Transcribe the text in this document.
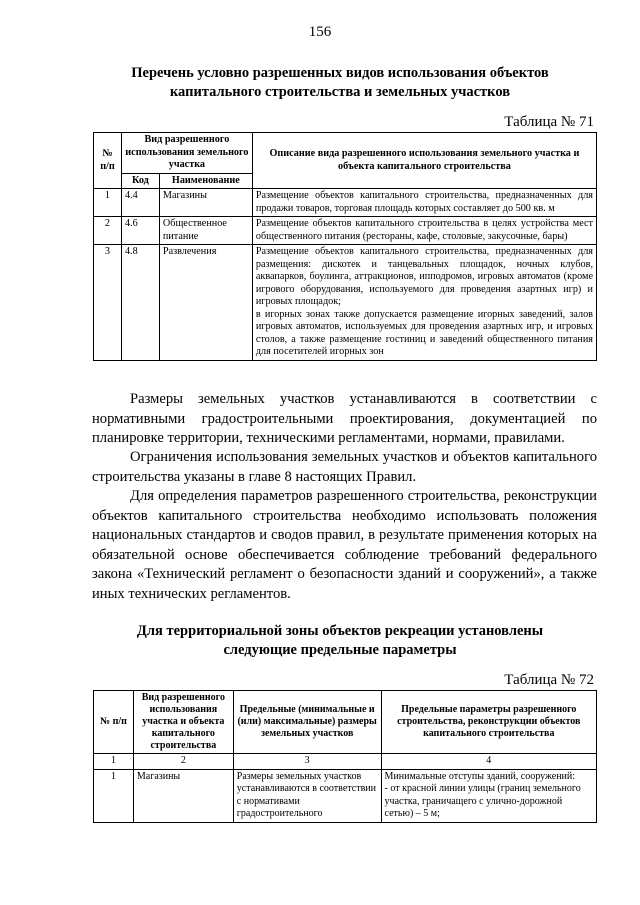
156
Перечень условно разрешенных видов использования объектов
капитального строительства и земельных участков
Таблица № 71
№ п/п	Вид разрешенного использования земельного участка		Описание вида разрешенного использования земельного участка и объекта капитального строительства
	Код	Наименование	
1	4.4	Магазины	Размещение объектов капитального строительства, предназначенных для продажи товаров, торговая площадь которых составляет до 500 кв. м
2	4.6	Общественное питание	Размещение объектов капитального строительства в целях устройства мест общественного питания (рестораны, кафе, столовые, закусочные, бары)
3	4.8	Развлечения	Размещение объектов капитального строительства, предназначенных для размещения: дискотек и танцевальных площадок, ночных клубов, аквапарков, боулинга, аттракционов, ипподромов, игровых автоматов (кроме игрового оборудования, используемого для проведения азартных игр) и игровых площадок;
в игорных зонах также допускается размещение игорных заведений, залов игровых автоматов, используемых для проведения азартных игр, и игровых столов, а также размещение гостиниц и заведений общественного питания для посетителей игорных зон
Размеры земельных участков устанавливаются в соответствии с нормативными градостроительными проектирования, документацией по планировке территории, техническими регламентами, нормами, правилами.
Ограничения использования земельных участков и объектов капитального строительства указаны в главе 8 настоящих Правил.
Для определения параметров разрешенного строительства, реконструкции объектов капитального строительства необходимо использовать положения национальных стандартов и сводов правил, в результате применения которых на обязательной основе обеспечивается соблюдение требований федерального закона «Технический регламент о безопасности зданий и сооружений», а также иных технических регламентов.
Для территориальной зоны объектов рекреации установлены
следующие предельные параметры
Таблица № 72
№ п/п	Вид разрешенного использования участка и объекта капитального строительства	Предельные (минимальные и (или) максимальные) размеры земельных участков	Предельные параметры разрешенного строительства, реконструкции объектов капитального строительства
1	2	3	4
1	Магазины	Размеры земельных участков устанавливаются в соответствии с нормативами градостроительного	Минимальные отступы зданий, сооружений:
- от красной линии улицы (границ земельного участка, граничащего с улично-дорожной сетью) – 5 м;
